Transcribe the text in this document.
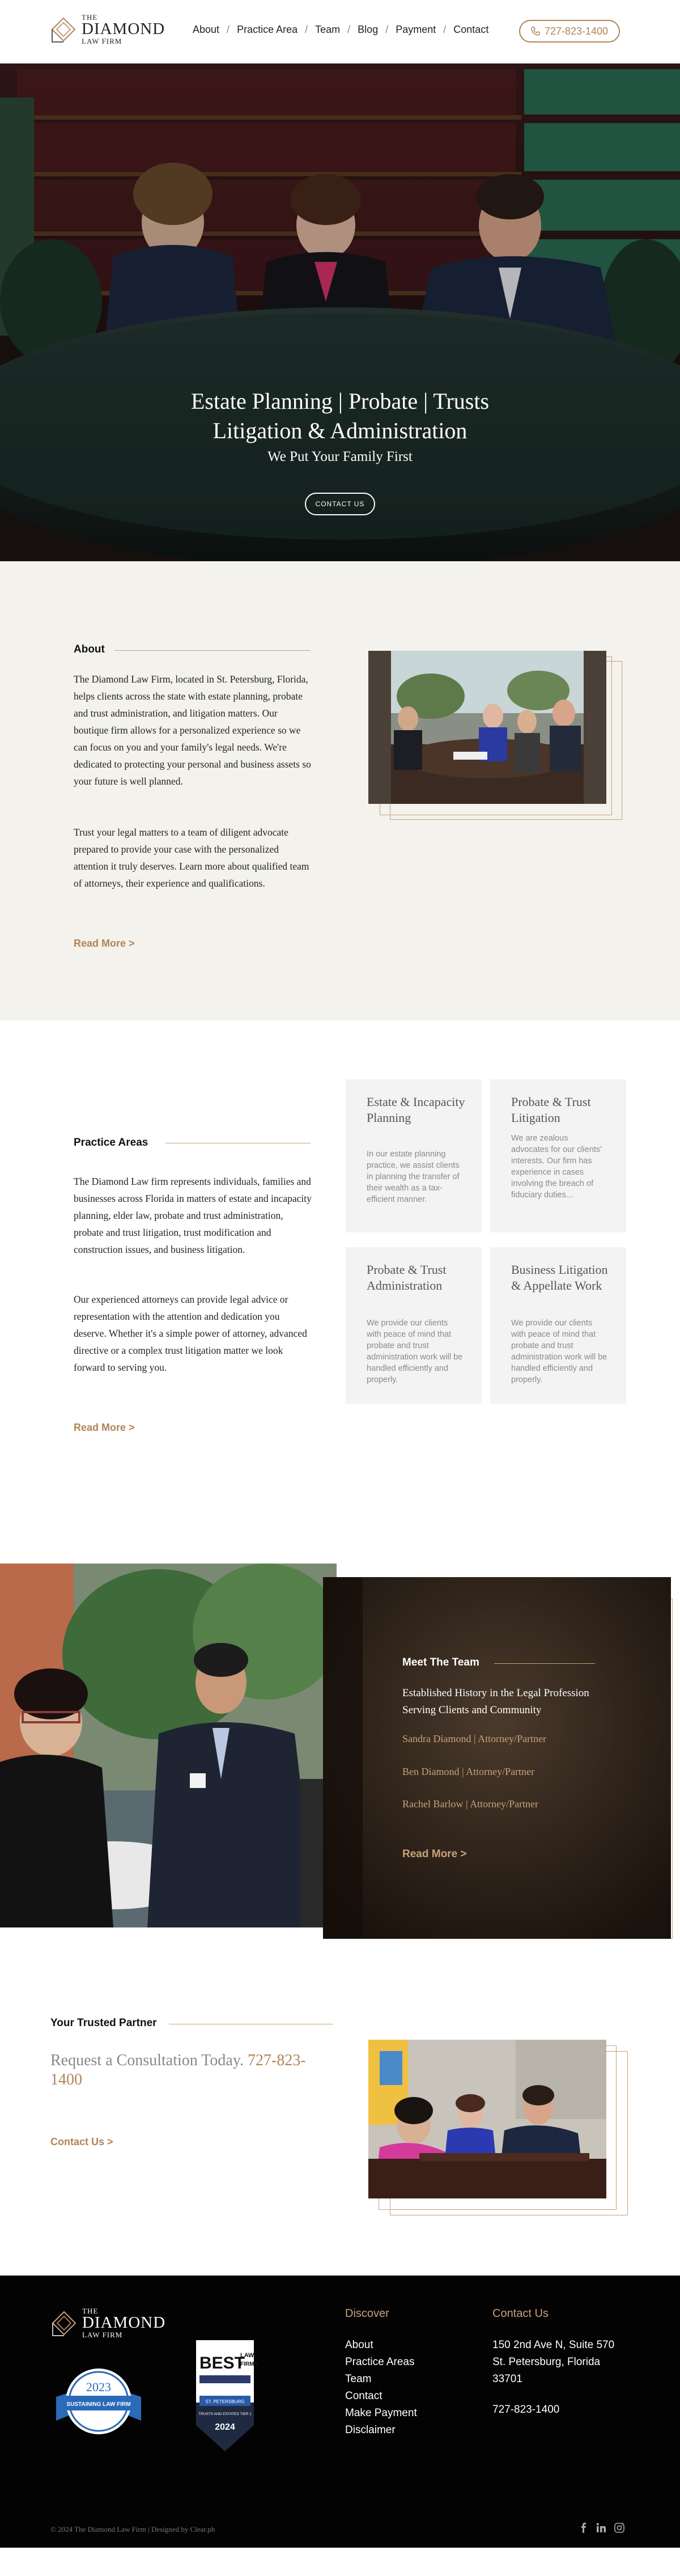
THE
DIAMOND
LAW FIRM
About / Practice Area / Team / Blog / Payment / Contact	727-823-1400
Estate Planning | Probate | Trusts
Litigation & Administration
We Put Your Family First
CONTACT US
About
The Diamond Law Firm, located in St. Petersburg, Florida, helps clients across the state with estate planning, probate and trust administration, and litigation matters. Our boutique firm allows for a personalized experience so we can focus on you and your family's legal needs. We're dedicated to protecting your personal and business assets so your future is well planned.
Trust your legal matters to a team of diligent advocate prepared to provide your case with the personalized attention it truly deserves. Learn more about qualified team of attorneys, their experience and qualifications.
Read More >
Practice Areas
The Diamond Law firm represents individuals, families and businesses across Florida in matters of estate and incapacity planning, elder law, probate and trust administration, probate and trust litigation, trust modification and construction issues, and business litigation.
Our experienced attorneys can provide legal advice or representation with the attention and dedication you deserve. Whether it's a simple power of attorney, advanced directive or a complex trust litigation matter we look forward to serving you.
Read More >
Estate & Incapacity Planning
In our estate planning practice, we assist clients in planning the transfer of their wealth as a tax-efficient manner.
Probate & Trust Litigation
We are zealous advocates for our clients' interests. Our firm has experience in cases involving the breach of fiduciary duties...
Probate & Trust Administration
We provide our clients with peace of mind that probate and trust administration work will be handled efficiently and properly.
Business Litigation & Appellate Work
We provide our clients with peace of mind that probate and trust administration work will be handled efficiently and properly.
Meet The Team
Established History in the Legal Profession Serving Clients and Community
Sandra Diamond | Attorney/Partner
Ben Diamond | Attorney/Partner
Rachel Barlow | Attorney/Partner
Read More >
Your Trusted Partner
Request a Consultation Today. 727-823-1400
Contact Us >
THE
DIAMOND
LAW FIRM
SUSTAINING LAW FIRM
2023
BEST
LAW
FIRMS
ST. PETERSBURG
TRUSTS AND ESTATES TIER 1
2024
Discover
About
Practice Areas
Team
Contact
Make Payment
Disclaimer
Contact Us
150 2nd Ave N, Suite 570
St. Petersburg, Florida
33701
727-823-1400
© 2024 The Diamond Law Firm | Designed by Clear.ph
